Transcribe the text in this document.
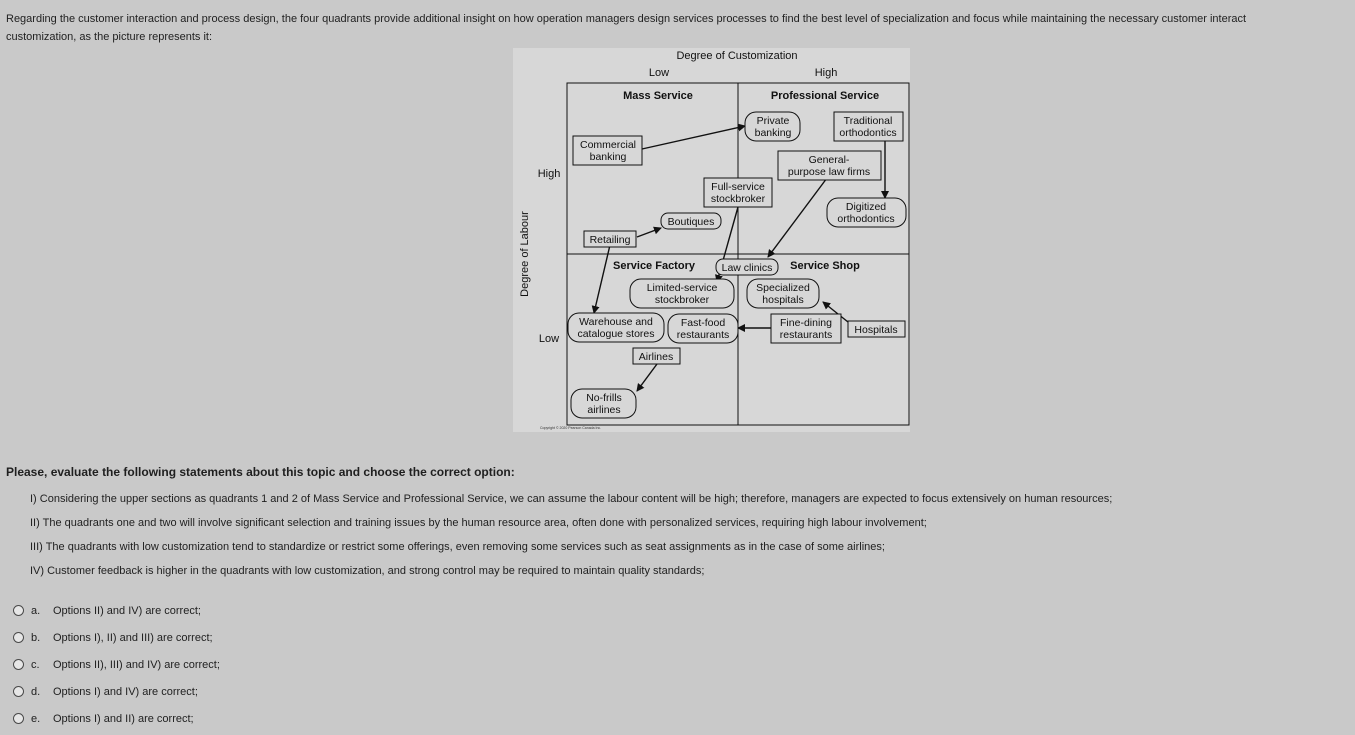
Regarding the customer interaction and process design, the four quadrants provide additional insight on how operation managers design services processes to find the best level of specialization and focus while maintaining the necessary customer interact
customization, as the picture represents it:
Degree of Customization
Low	High
Degree of Labour
High
Low
Mass Service	Professional Service
Service Factory	Service Shop
Commercial
banking
Private
banking
Traditional
orthodontics
General-
purpose law firms
Full-service
stockbroker
Digitized
orthodontics
Boutiques
Retailing
Law clinics
Limited-service
stockbroker
Specialized
hospitals
Warehouse and
catalogue stores
Fast-food
restaurants
Fine-dining
restaurants Hospitals
Airlines
No-frills
airlines
Copyright © 2020 Pearson Canada Inc.
Please, evaluate the following statements about this topic and choose the correct option:
I) Considering the upper sections as quadrants 1 and 2 of Mass Service and Professional Service, we can assume the labour content will be high; therefore, managers are expected to focus extensively on human resources;
II) The quadrants one and two will involve significant selection and training issues by the human resource area, often done with personalized services, requiring high labour involvement;
III) The quadrants with low customization tend to standardize or restrict some offerings, even removing some services such as seat assignments as in the case of some airlines;
IV) Customer feedback is higher in the quadrants with low customization, and strong control may be required to maintain quality standards;
a.	Options II) and IV) are correct;
b.	Options I), II) and III) are correct;
c.	Options II), III) and IV) are correct;
d.	Options I) and IV) are correct;
e.	Options I) and II) are correct;
